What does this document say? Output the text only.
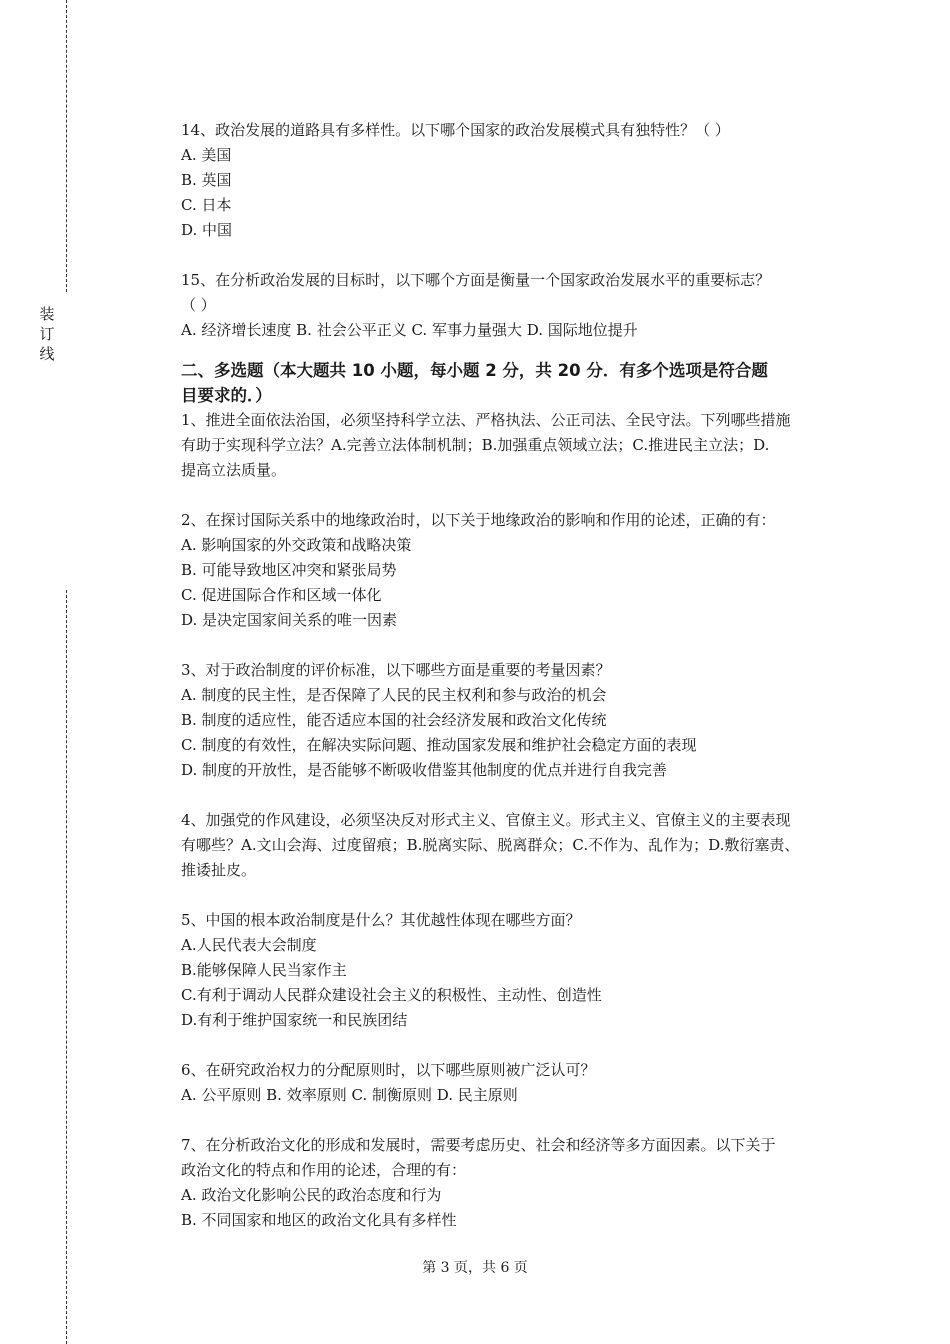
装
订
线

14、政治发展的道路具有多样性。以下哪个国家的政治发展模式具有独特性？（ ）

A. 美国

B. 英国

C. 日本

D. 中国

15、在分析政治发展的目标时，以下哪个方面是衡量一个国家政治发展水平的重要标志？

（ ）

A. 经济增长速度 B. 社会公平正义 C. 军事力量强大 D. 国际地位提升

二、多选题（本大题共 10 小题，每小题 2 分，共 20 分．有多个选项是符合题

目要求的．）

1、推进全面依法治国，必须坚持科学立法、严格执法、公正司法、全民守法。下列哪些措施

有助于实现科学立法？A.完善立法体制机制；B.加强重点领域立法；C.推进民主立法；D.

提高立法质量。

2、在探讨国际关系中的地缘政治时，以下关于地缘政治的影响和作用的论述，正确的有：

A. 影响国家的外交政策和战略决策

B. 可能导致地区冲突和紧张局势

C. 促进国际合作和区域一体化

D. 是决定国家间关系的唯一因素

3、对于政治制度的评价标准，以下哪些方面是重要的考量因素？

A. 制度的民主性，是否保障了人民的民主权利和参与政治的机会

B. 制度的适应性，能否适应本国的社会经济发展和政治文化传统

C. 制度的有效性，在解决实际问题、推动国家发展和维护社会稳定方面的表现

D. 制度的开放性，是否能够不断吸收借鉴其他制度的优点并进行自我完善

4、加强党的作风建设，必须坚决反对形式主义、官僚主义。形式主义、官僚主义的主要表现

有哪些？A.文山会海、过度留痕；B.脱离实际、脱离群众；C.不作为、乱作为；D.敷衍塞责、

推诿扯皮。

5、中国的根本政治制度是什么？其优越性体现在哪些方面？

A.人民代表大会制度

B.能够保障人民当家作主

C.有利于调动人民群众建设社会主义的积极性、主动性、创造性

D.有利于维护国家统一和民族团结

6、在研究政治权力的分配原则时，以下哪些原则被广泛认可？

A. 公平原则 B. 效率原则 C. 制衡原则 D. 民主原则

7、在分析政治文化的形成和发展时，需要考虑历史、社会和经济等多方面因素。以下关于

政治文化的特点和作用的论述，合理的有：

A. 政治文化影响公民的政治态度和行为

B. 不同国家和地区的政治文化具有多样性

第 3 页，共 6 页
